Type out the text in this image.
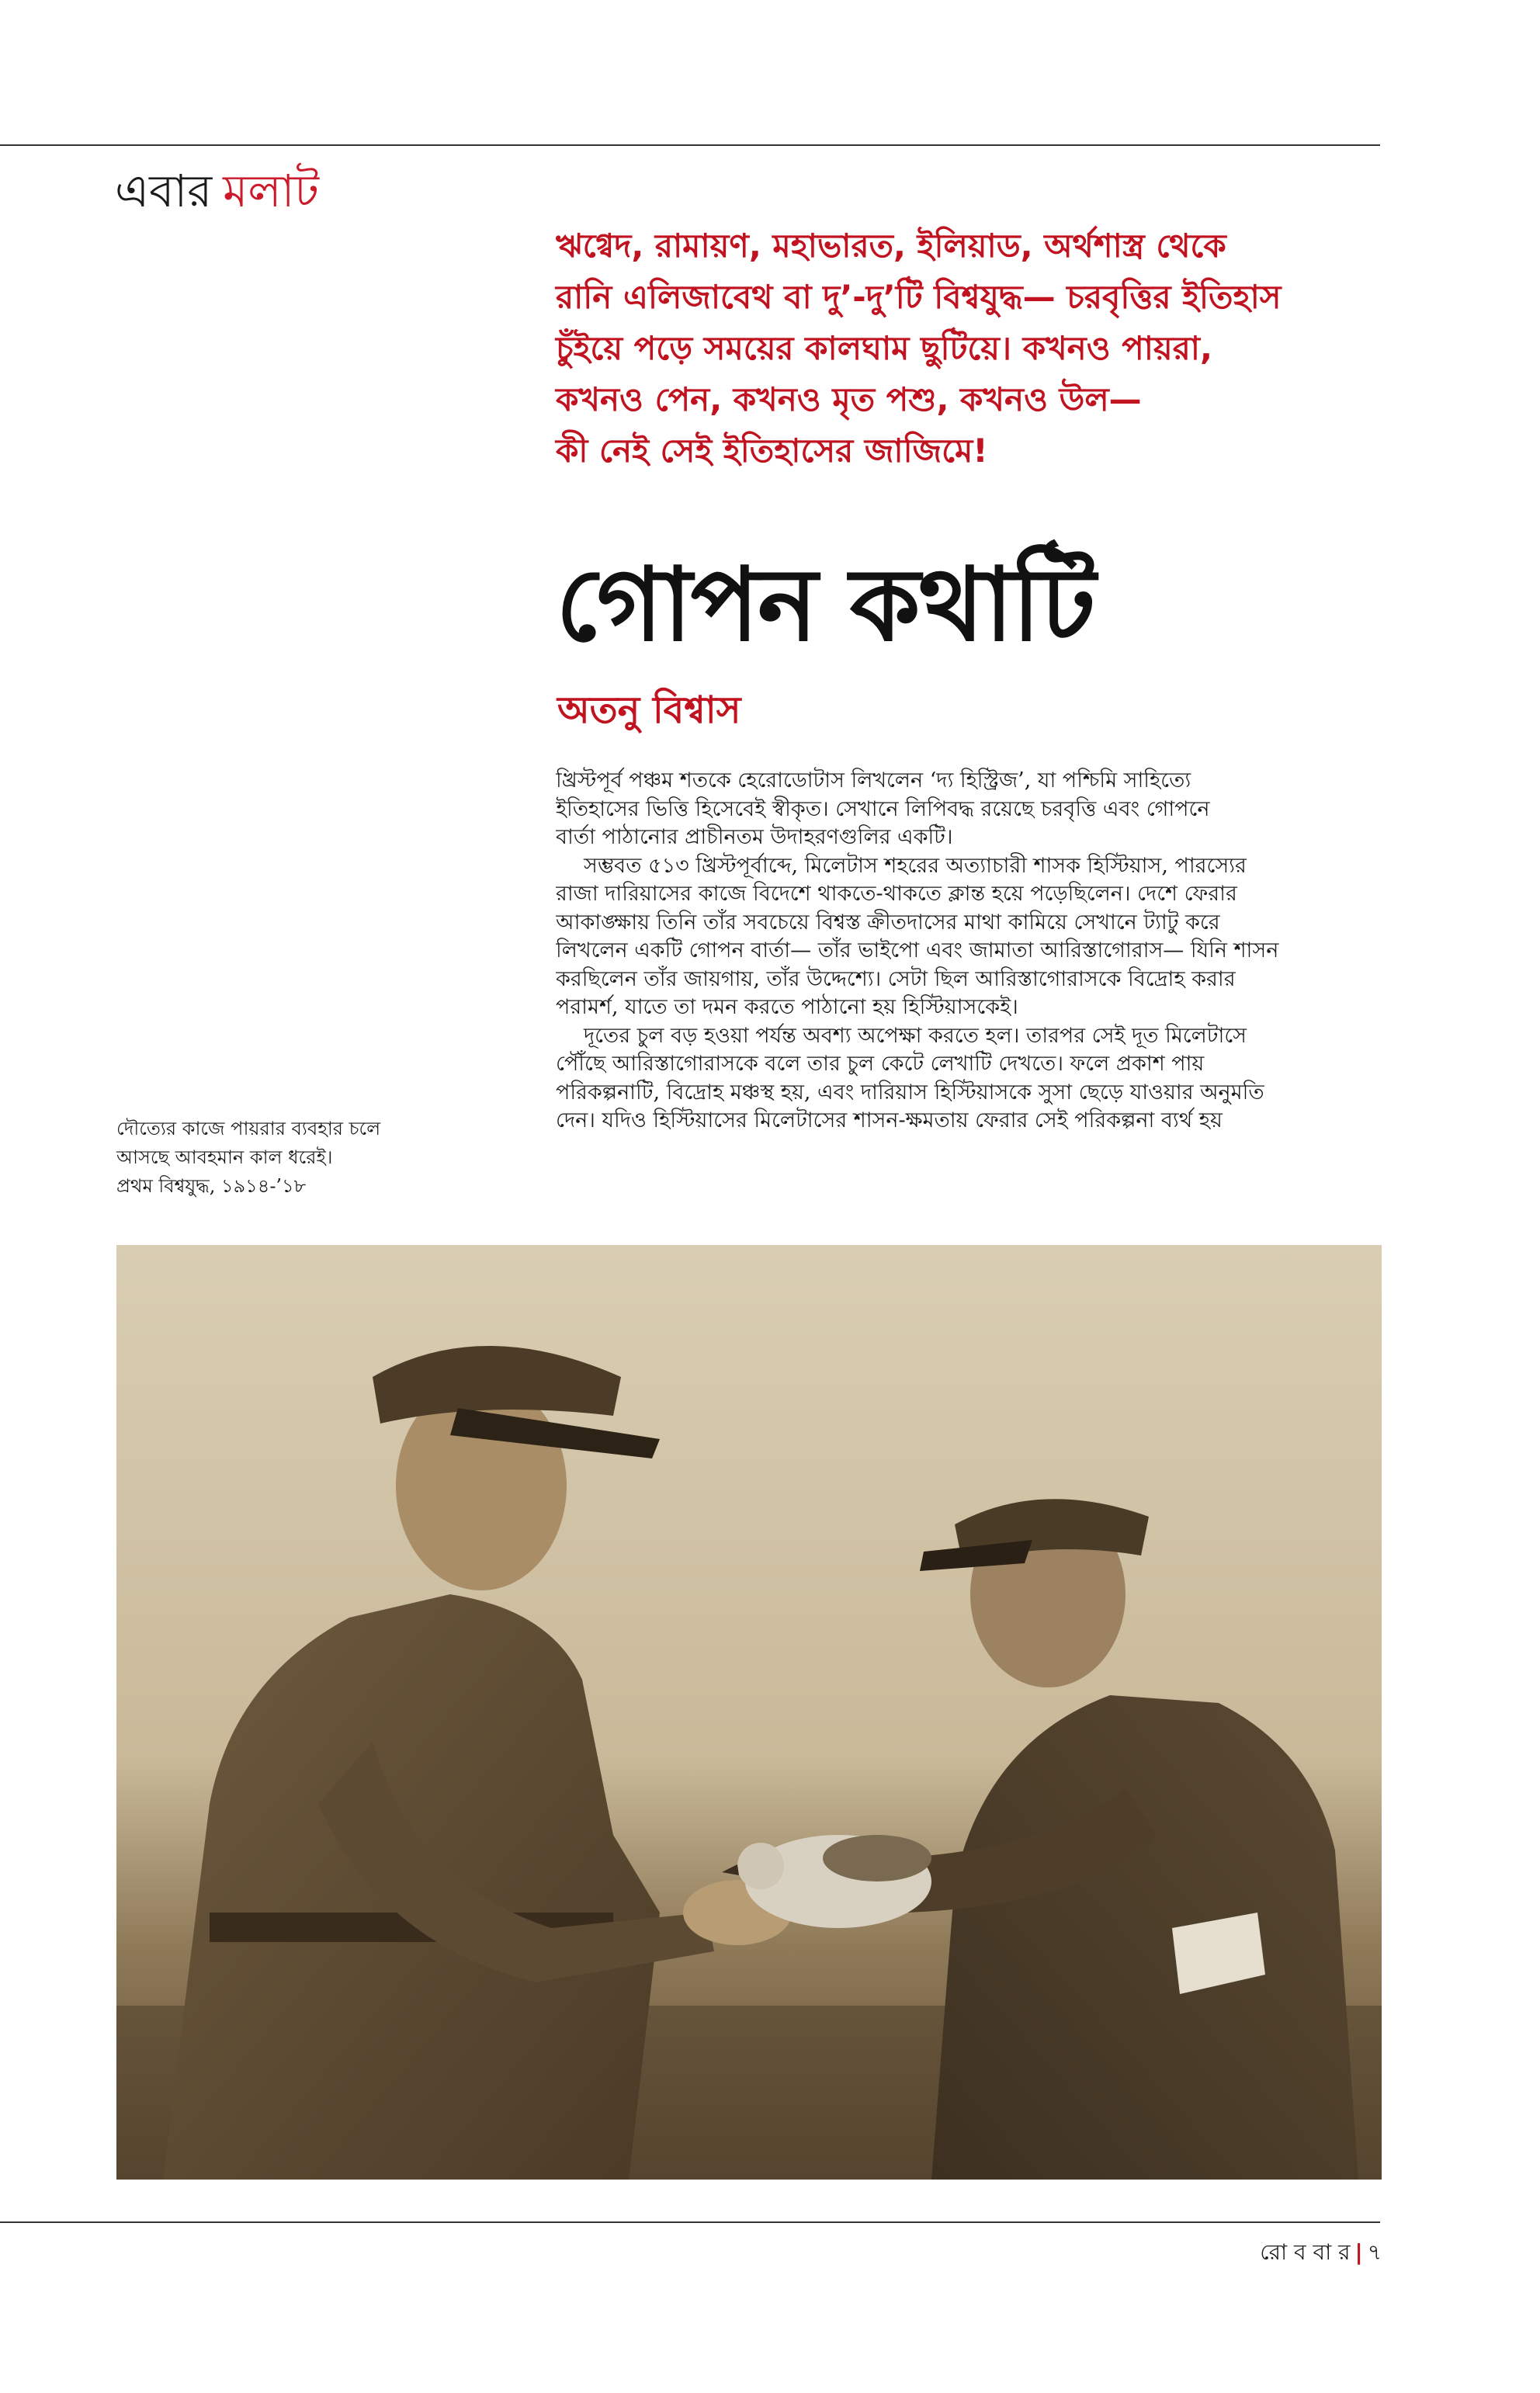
এবার মলাট
ঋগ্বেদ, রামায়ণ, মহাভারত, ইলিয়াড, অর্থশাস্ত্র থেকে
রানি এলিজাবেথ বা দু’-দু’টি বিশ্বযুদ্ধ— চরবৃত্তির ইতিহাস
চুঁইয়ে পড়ে সময়ের কালঘাম ছুটিয়ে। কখনও পায়রা,
কখনও পেন, কখনও মৃত পশু, কখনও উল—
কী নেই সেই ইতিহাসের জাজিমে!
গোপন কথাটি
অতনু বিশ্বাস
খ্রিস্টপূর্ব পঞ্চম শতকে হেরোডোটাস লিখলেন ‘দ্য হিস্ট্রিজ’, যা পশ্চিমি সাহিত্যে
ইতিহাসের ভিত্তি হিসেবেই স্বীকৃত। সেখানে লিপিবদ্ধ রয়েছে চরবৃত্তি এবং গোপনে
বার্তা পাঠানোর প্রাচীনতম উদাহরণগুলির একটি।
সম্ভবত ৫১৩ খ্রিস্টপূর্বাব্দে, মিলেটাস শহরের অত্যাচারী শাসক হিস্টিয়াস, পারস্যের
রাজা দারিয়াসের কাজে বিদেশে থাকতে-থাকতে ক্লান্ত হয়ে পড়েছিলেন। দেশে ফেরার
আকাঙ্ক্ষায় তিনি তাঁর সবচেয়ে বিশ্বস্ত ক্রীতদাসের মাথা কামিয়ে সেখানে ট্যাটু করে
লিখলেন একটি গোপন বার্তা— তাঁর ভাইপো এবং জামাতা আরিস্তাগোরাস— যিনি শাসন
করছিলেন তাঁর জায়গায়, তাঁর উদ্দেশ্যে। সেটা ছিল আরিস্তাগোরাসকে বিদ্রোহ করার
পরামর্শ, যাতে তা দমন করতে পাঠানো হয় হিস্টিয়াসকেই।
দূতের চুল বড় হওয়া পর্যন্ত অবশ্য অপেক্ষা করতে হল। তারপর সেই দূত মিলেটাসে
পৌঁছে আরিস্তাগোরাসকে বলে তার চুল কেটে লেখাটি দেখতে। ফলে প্রকাশ পায়
পরিকল্পনাটি, বিদ্রোহ মঞ্চস্থ হয়, এবং দারিয়াস হিস্টিয়াসকে সুসা ছেড়ে যাওয়ার অনুমতি
দেন। যদিও হিস্টিয়াসের মিলেটাসের শাসন-ক্ষমতায় ফেরার সেই পরিকল্পনা ব্যর্থ হয়
দৌত্যের কাজে পায়রার ব্যবহার চলে
আসছে আবহমান কাল ধরেই।
প্রথম বিশ্বযুদ্ধ, ১৯১৪-’১৮
রো ব বা র | ৭
